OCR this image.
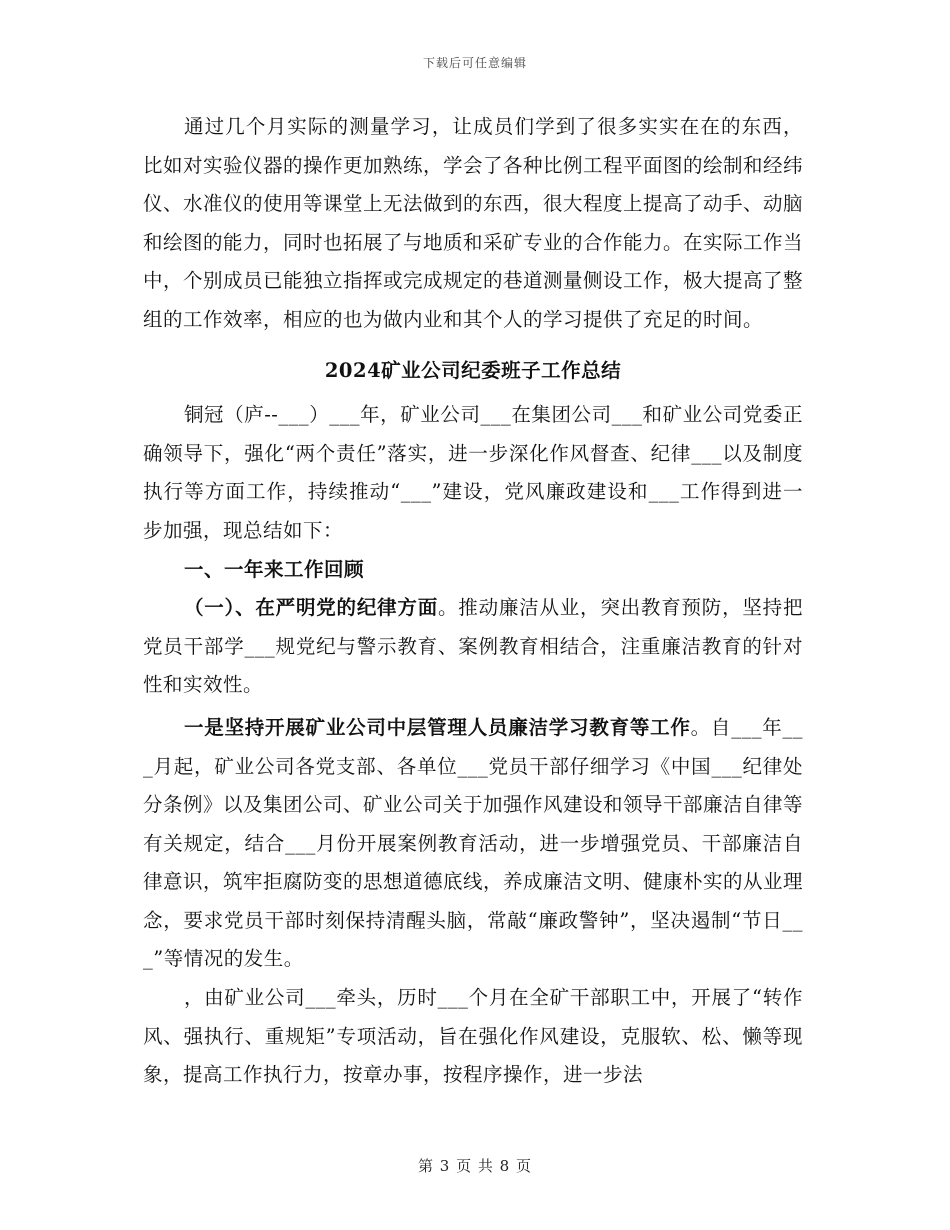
下载后可任意编辑

通过几个月实际的测量学习，让成员们学到了很多实实在在的东西，比如对实验仪器的操作更加熟练，学会了各种比例工程平面图的绘制和经纬仪、水准仪的使用等课堂上无法做到的东西，很大程度上提高了动手、动脑和绘图的能力，同时也拓展了与地质和采矿专业的合作能力。在实际工作当中，个别成员已能独立指挥或完成规定的巷道测量侧设工作，极大提高了整组的工作效率，相应的也为做内业和其个人的学习提供了充足的时间。

2024矿业公司纪委班子工作总结

铜冠（庐--___）___年，矿业公司___在集团公司___和矿业公司党委正确领导下，强化“两个责任”落实，进一步深化作风督查、纪律___以及制度执行等方面工作，持续推动“___”建设，党风廉政建设和___工作得到进一步加强，现总结如下：

一、一年来工作回顾

（一）、在严明党的纪律方面。推动廉洁从业，突出教育预防，坚持把党员干部学___规党纪与警示教育、案例教育相结合，注重廉洁教育的针对性和实效性。

一是坚持开展矿业公司中层管理人员廉洁学习教育等工作。自___年___月起，矿业公司各党支部、各单位___党员干部仔细学习《中国___纪律处分条例》以及集团公司、矿业公司关于加强作风建设和领导干部廉洁自律等有关规定，结合___月份开展案例教育活动，进一步增强党员、干部廉洁自律意识，筑牢拒腐防变的思想道德底线，养成廉洁文明、健康朴实的从业理念，要求党员干部时刻保持清醒头脑，常敲“廉政警钟”，坚决遏制“节日___”等情况的发生。

，由矿业公司___牵头，历时___个月在全矿干部职工中，开展了“转作风、强执行、重规矩”专项活动，旨在强化作风建设，克服软、松、懒等现象，提高工作执行力，按章办事，按程序操作，进一步法

第 3 页 共 8 页
